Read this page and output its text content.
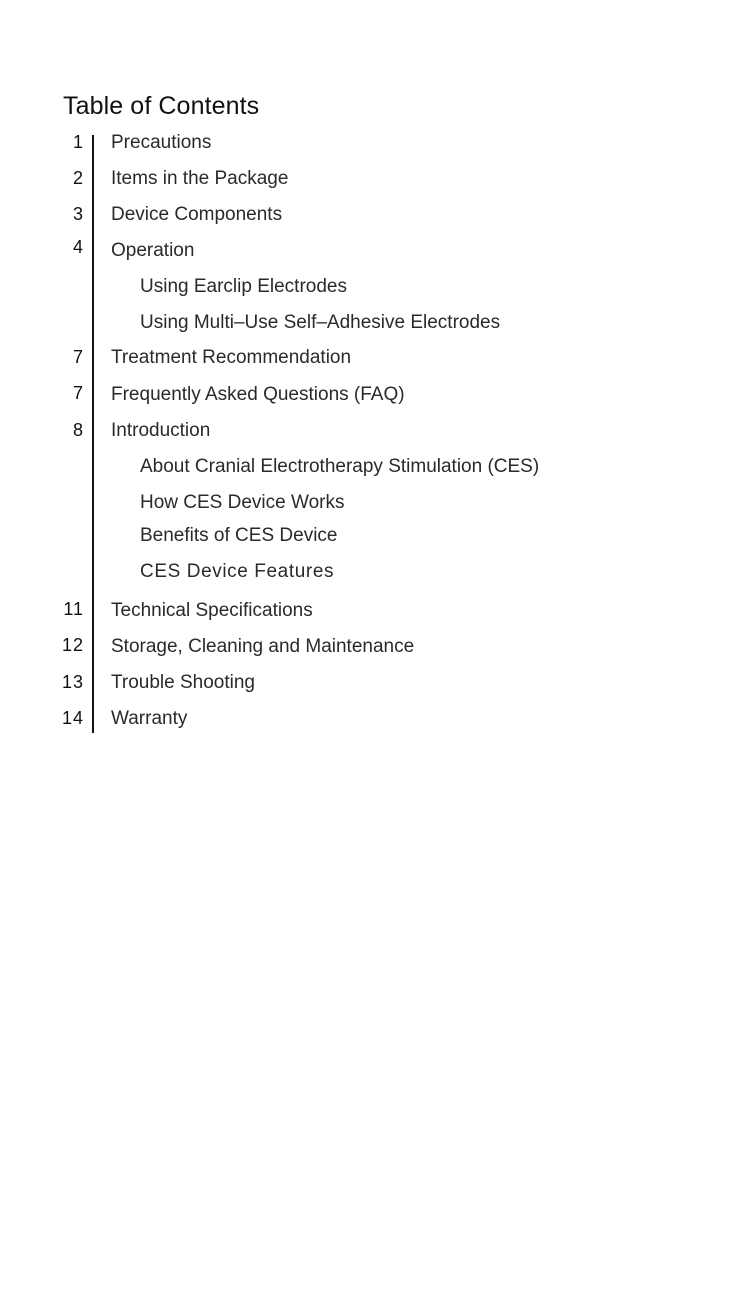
Table of Contents
1 Precautions
2 Items in the Package
3 Device Components
4 Operation
Using Earclip Electrodes
Using Multi–Use Self–Adhesive Electrodes
7 Treatment Recommendation
7 Frequently Asked Questions (FAQ)
8 Introduction
About Cranial Electrotherapy Stimulation (CES)
How CES Device Works
Benefits of CES Device
CES Device Features
11 Technical Specifications
12 Storage, Cleaning and Maintenance
13 Trouble Shooting
14 Warranty
